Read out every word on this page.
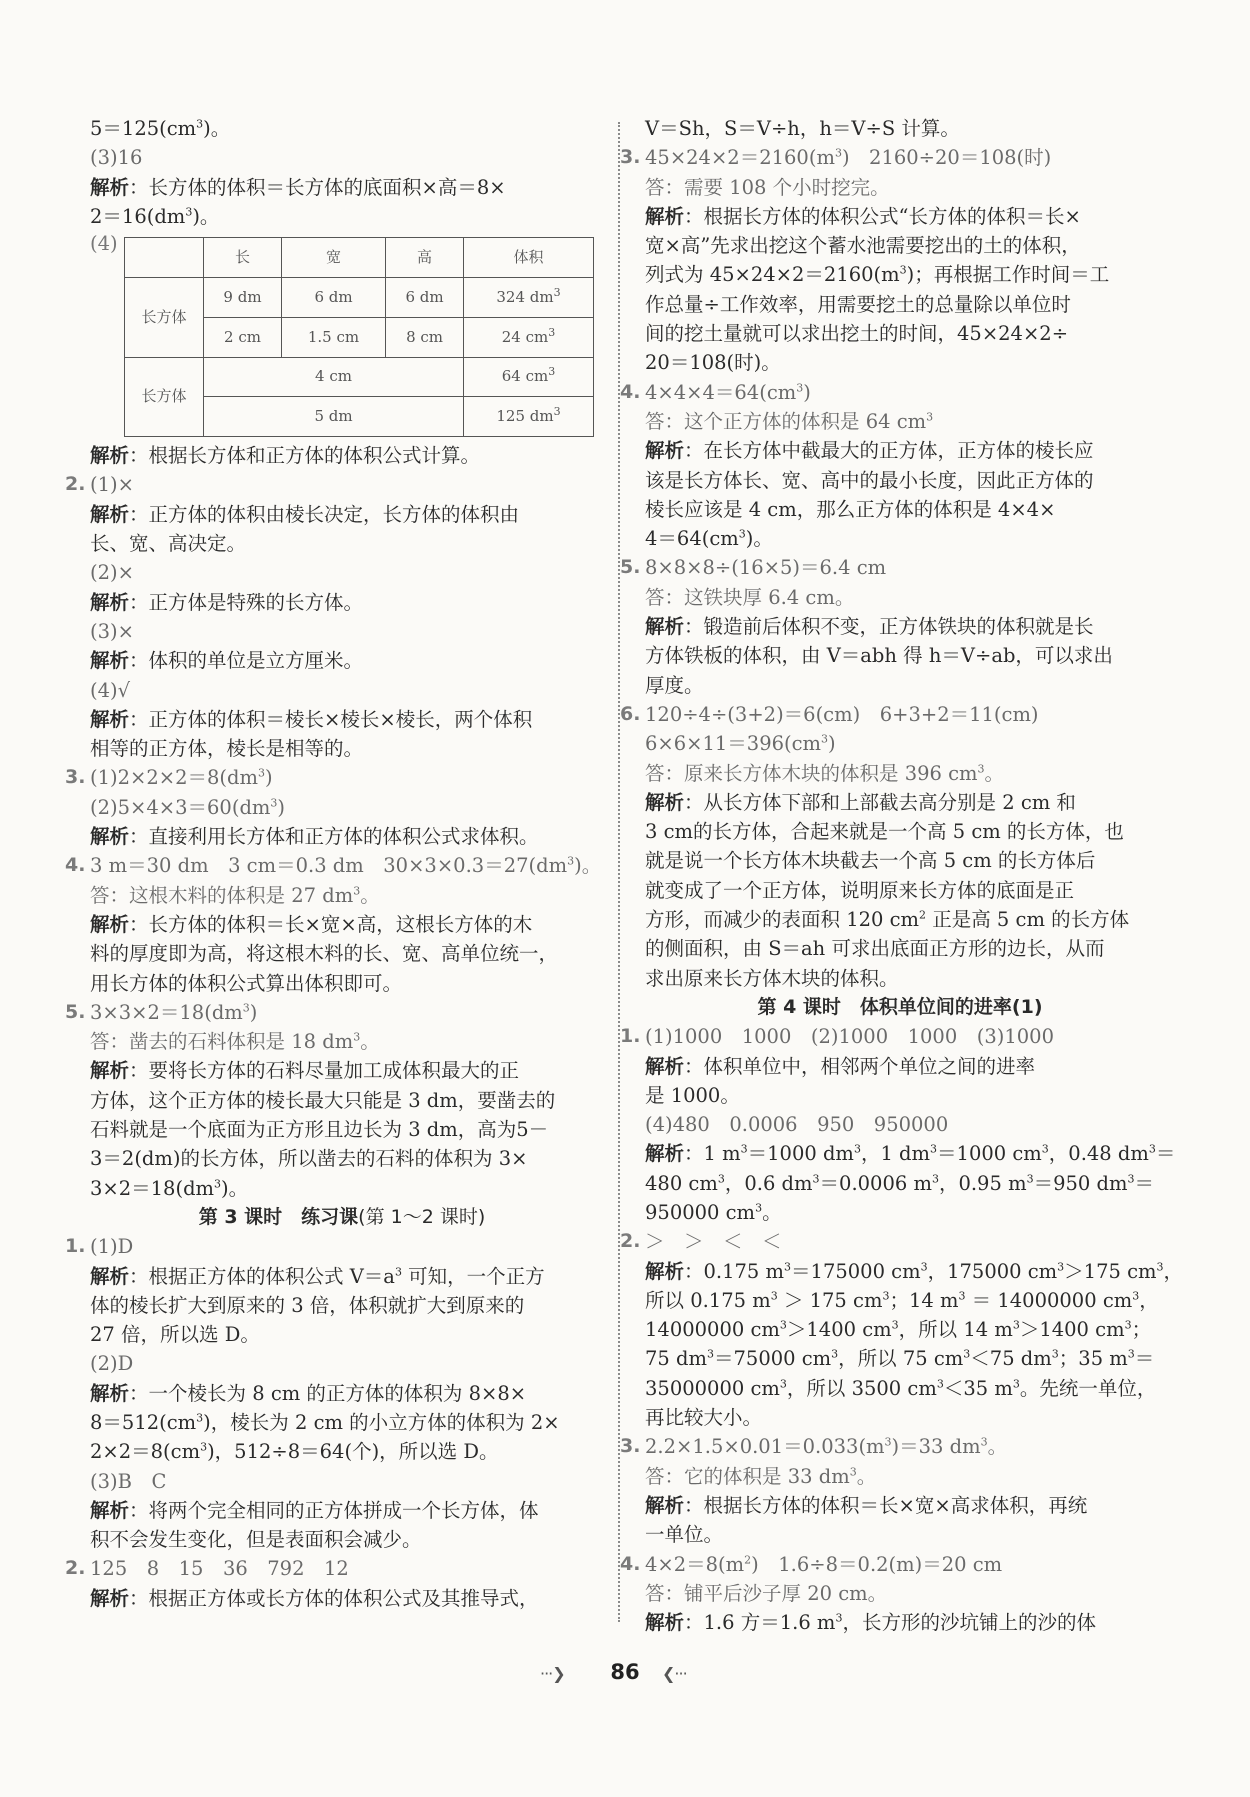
$5=125(cm^3)$。
(3)16
解析：长方体的体积＝长方体的底面积×高＝8×
$2=16(dm^3)$。
(4)
	长	宽	高	体积
长方体	9 dm	6 dm	6 dm	324 $dm^3$
	2 cm	1.5 cm	8 cm	24 $cm^3$
长方体	4 cm			64 $cm^3$
	5 dm			125 $dm^3$
解析：根据长方体和正方体的体积公式计算。
2. (1)×
解析：正方体的体积由棱长决定，长方体的体积由
长、宽、高决定。
(2)×
解析：正方体是特殊的长方体。
(3)×
解析：体积的单位是立方厘米。
(4)√
解析：正方体的体积＝棱长×棱长×棱长，两个体积
相等的正方体，棱长是相等的。
3. $(1)2\times 2\times 2=8(dm^3)$
$(2)5\times 4\times 3=60(dm^3)$
解析：直接利用长方体和正方体的体积公式求体积。
4. 3 m＝30 dm　3 cm＝0.3 dm　$30\times 3\times 0.3=27(dm^3)$。
答：这根木料的体积是 27 $dm^3$。
解析：长方体的体积＝长×宽×高，这根长方体的木
料的厚度即为高，将这根木料的长、宽、高单位统一，
用长方体的体积公式算出体积即可。
5. $3\times 3\times 2=18(dm^3)$
答：凿去的石料体积是 18 $dm^3$。
解析：要将长方体的石料尽量加工成体积最大的正
方体，这个正方体的棱长最大只能是 3 dm，要凿去的
石料就是一个底面为正方形且边长为 3 dm，高为5－
3＝2(dm)的长方体，所以凿去的石料的体积为 3×
$3\times 2=18(dm^3)$。
第 3 课时　练习课(第 1～2 课时)
1. (1)D
解析：根据正方体的体积公式 $V=a^3$ 可知，一个正方
体的棱长扩大到原来的 3 倍，体积就扩大到原来的
27 倍，所以选 D。
(2)D
解析：一个棱长为 8 cm 的正方体的体积为 8×8×
$8=512(cm^3)$，棱长为 2 cm 的小立方体的体积为 2×
$2\times 2=8(cm^3)$，512÷8＝64(个)，所以选 D。
(3)B　C
解析：将两个完全相同的正方体拼成一个长方体，体
积不会发生变化，但是表面积会减少。
2. 125　8　15　36　792　12
解析：根据正方体或长方体的体积公式及其推导式，
V＝Sh，S＝V÷h，h＝V÷S 计算。
3. $45\times 24\times 2=2160(m^3)$　2160÷20＝108(时)
答：需要 108 个小时挖完。
解析：根据长方体的体积公式“长方体的体积＝长×
宽×高”先求出挖这个蓄水池需要挖出的土的体积，
列式为 $45\times 24\times 2=2160(m^3)$；再根据工作时间＝工
作总量÷工作效率，用需要挖土的总量除以单位时
间的挖土量就可以求出挖土的时间，45×24×2÷
20＝108(时)。
4. $4\times 4\times 4=64(cm^3)$
答：这个正方体的体积是 64 $cm^3$
解析：在长方体中截最大的正方体，正方体的棱长应
该是长方体长、宽、高中的最小长度，因此正方体的
棱长应该是 4 cm，那么正方体的体积是 4×4×
$4=64(cm^3)$。
5. 8×8×8÷(16×5)＝6.4 cm
答：这铁块厚 6.4 cm。
解析：锻造前后体积不变，正方体铁块的体积就是长
方体铁板的体积，由 V＝abh 得 h＝V÷ab，可以求出
厚度。
6. 120÷4÷(3+2)＝6(cm)　6+3+2＝11(cm)
$6\times 6\times 11=396(cm^3)$
答：原来长方体木块的体积是 396 $cm^3$。
解析：从长方体下部和上部截去高分别是 2 cm 和
3 cm的长方体，合起来就是一个高 5 cm 的长方体，也
就是说一个长方体木块截去一个高 5 cm 的长方体后
就变成了一个正方体，说明原来长方体的底面是正
方形，而减少的表面积 120 $cm^2$ 正是高 5 cm 的长方体
的侧面积，由 S＝ah 可求出底面正方形的边长，从而
求出原来长方体木块的体积。
第 4 课时　体积单位间的进率(1)
1. (1)1000　1000　(2)1000　1000　(3)1000
解析：体积单位中，相邻两个单位之间的进率
是 1000。
(4)480　0.0006　950　950000
解析：1 $m^3=1000$ $dm^3$，1 $dm^3=1000$ $cm^3$，0.48 $dm^3=$
480 $cm^3$，0.6 $dm^3=0.0006$ $m^3$，0.95 $m^3=950$ $dm^3=$
950000 $cm^3$。
2. ＞　＞　＜　＜
解析：0.175 $m^3=175000$ $cm^3$，175000 $cm^3>175$ $cm^3$，
所以 0.175 $m^3 > 175$ $cm^3$；14 $m^3 = 14000000$ $cm^3$，
14000000 $cm^3>1400$ $cm^3$，所以 14 $m^3>1400$ $cm^3$；
75 $dm^3=75000$ $cm^3$，所以 75 $cm^3<75$ $dm^3$；35 $m^3=$
35000000 $cm^3$，所以 3500 $cm^3<35$ $m^3$。先统一单位，
再比较大小。
3. $2.2\times 1.5\times 0.01=0.033(m^3)=33$ $dm^3$。
答：它的体积是 33 $dm^3$。
解析：根据长方体的体积＝长×宽×高求体积，再统
一单位。
4. $4\times 2=8(m^2)$　1.6÷8＝0.2(m)＝20 cm
答：铺平后沙子厚 20 cm。
解析：1.6 方＝1.6 $m^3$，长方形的沙坑铺上的沙的体
···❯	86	❮···
